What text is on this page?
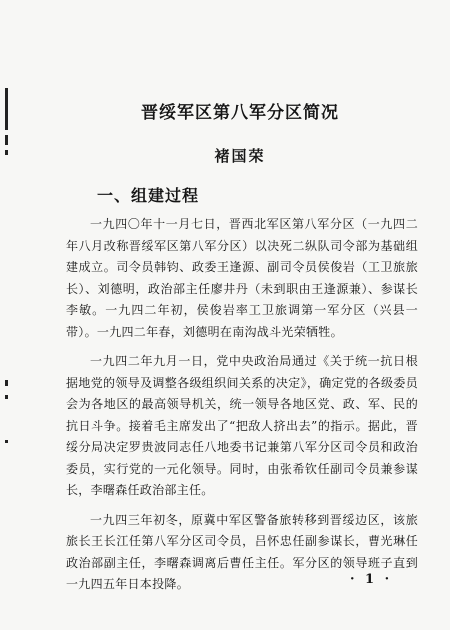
晋绥军区第八军分区简况
褚国荣
一、组建过程

一九四〇年十一月七日，晋西北军区第八军分区（一九四二年八月改称晋绥军区第八军分区）以决死二纵队司令部为基础组建成立。司令员韩钧、政委王逢源、副司令员侯俊岩（工卫旅旅长）、刘德明，政治部主任廖井丹（未到职由王逢源兼）、参谋长李敏。一九四二年初，侯俊岩率工卫旅调第一军分区（兴县一带）。一九四二年春，刘德明在南沟战斗光荣牺牲。

一九四二年九月一日，党中央政治局通过《关于统一抗日根据地党的领导及调整各级组织间关系的决定》，确定党的各级委员会为各地区的最高领导机关，统一领导各地区党、政、军、民的抗日斗争。接着毛主席发出了“把敌人挤出去”的指示。据此，晋绥分局决定罗贵波同志任八地委书记兼第八军分区司令员和政治委员，实行党的一元化领导。同时，由张希钦任副司令员兼参谋长，李曙森任政治部主任。

一九四三年初冬，原冀中军区警备旅转移到晋绥边区，该旅旅长王长江任第八军分区司令员，吕怀忠任副参谋长，曹光琳任政治部副主任，李曙森调离后曹任主任。军分区的领导班子直到一九四五年日本投降。	· 1 ·
